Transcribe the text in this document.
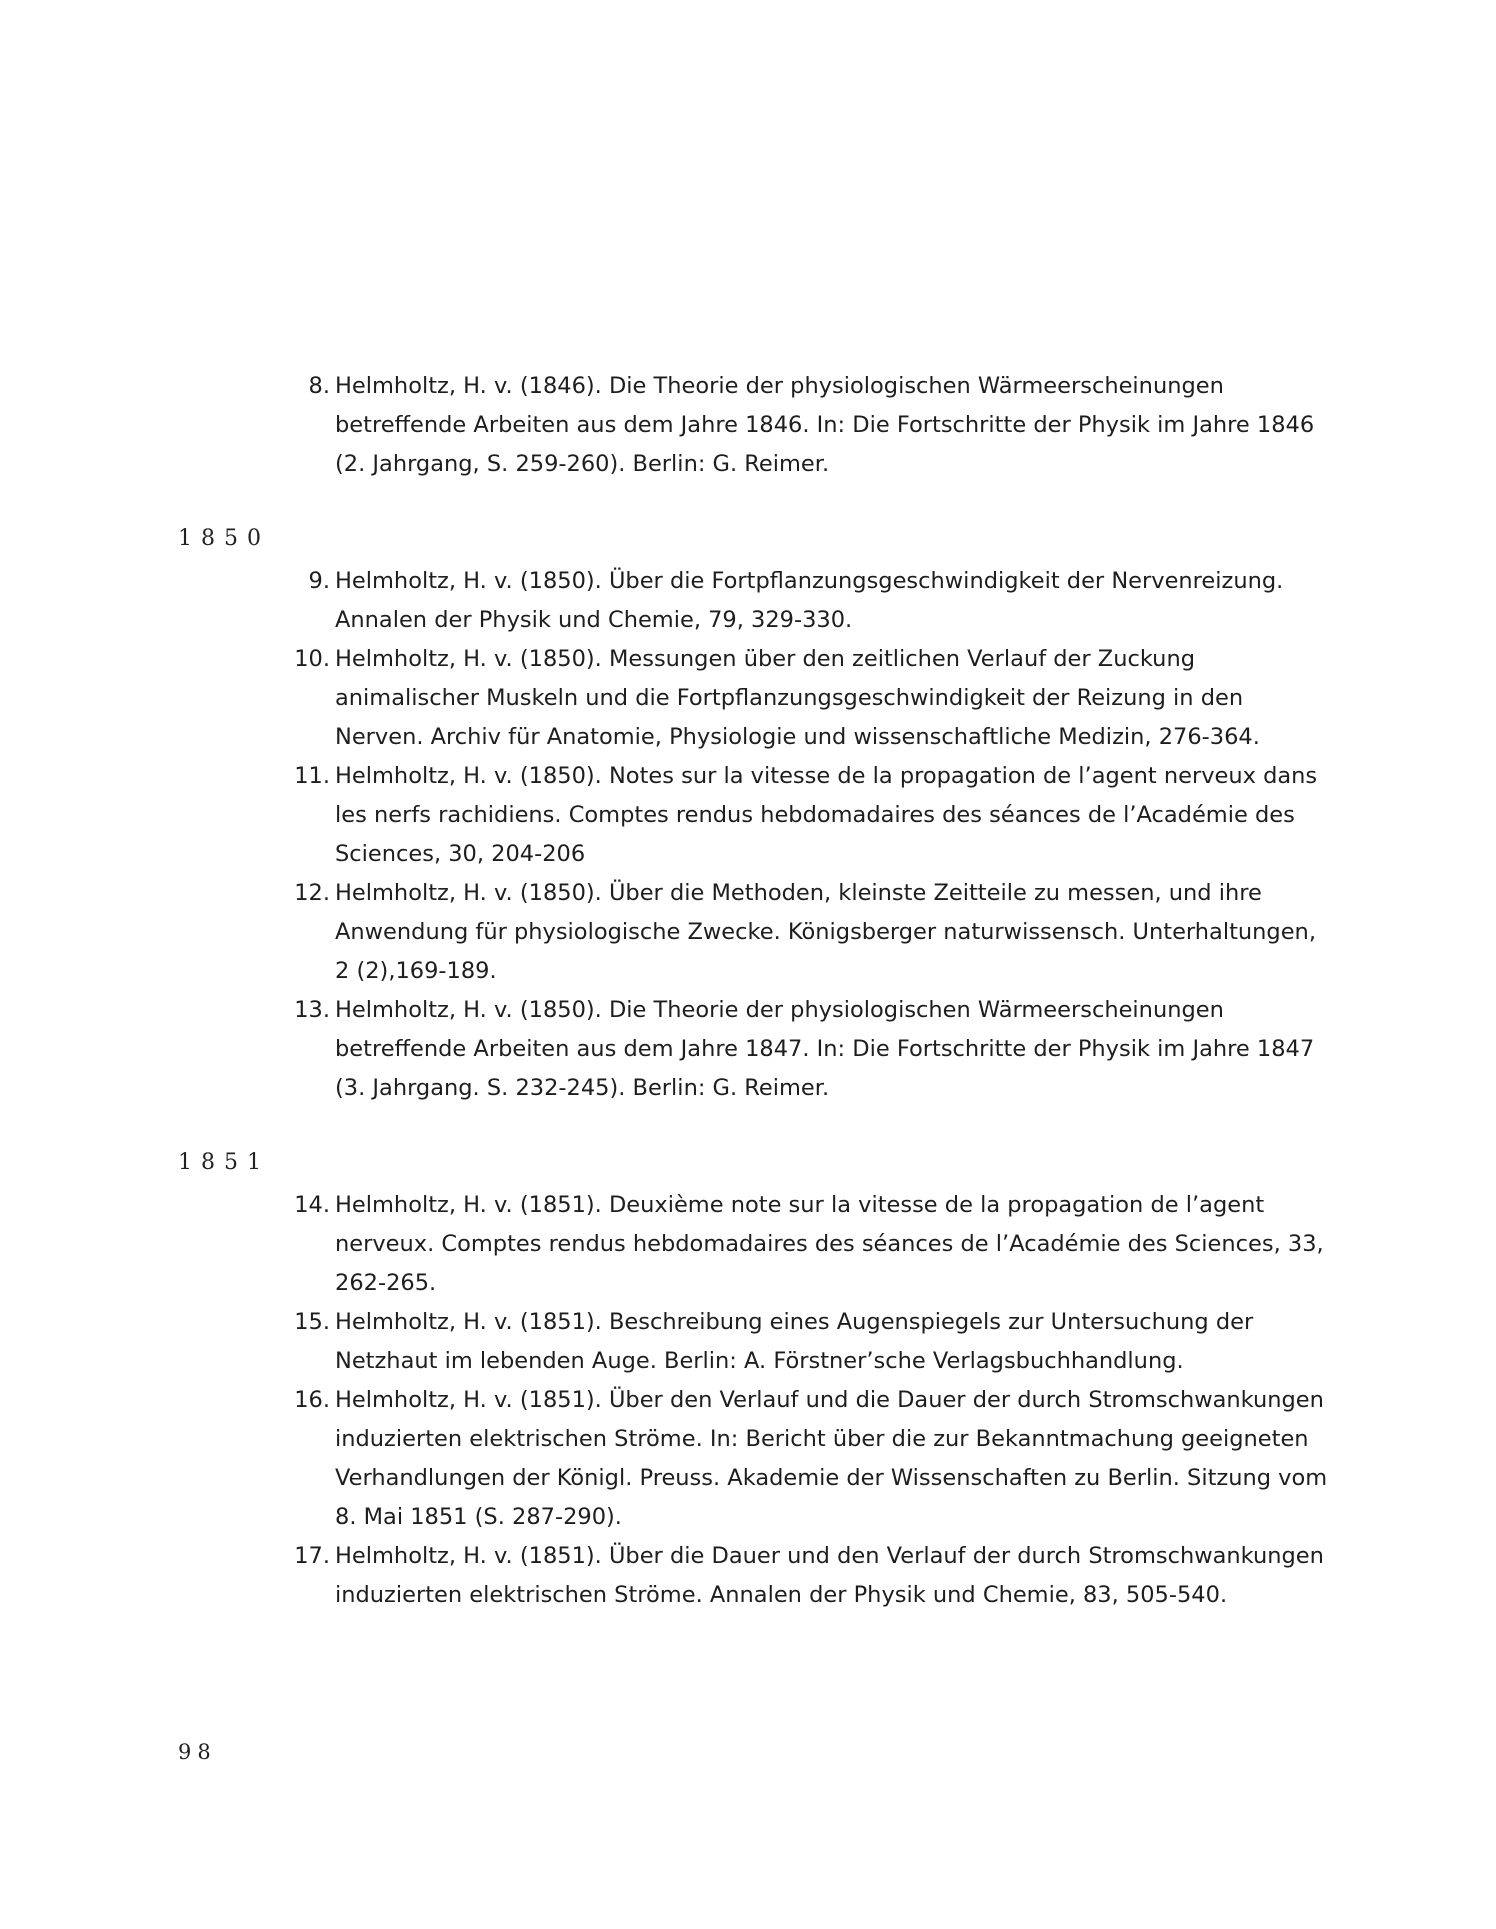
8. Helmholtz, H. v. (1846). Die Theorie der physiologischen Wärmeerscheinungen betreffende Arbeiten aus dem Jahre 1846. In: Die Fortschritte der Physik im Jahre 1846 (2. Jahrgang, S. 259-260). Berlin: G. Reimer.
1850
9. Helmholtz, H. v. (1850). Über die Fortpflanzungsgeschwindigkeit der Nervenreizung. Annalen der Physik und Chemie, 79, 329-330.
10. Helmholtz, H. v. (1850). Messungen über den zeitlichen Verlauf der Zuckung animalischer Muskeln und die Fortpflanzungsgeschwindigkeit der Reizung in den Nerven. Archiv für Anatomie, Physiologie und wissenschaftliche Medizin, 276-364.
11. Helmholtz, H. v. (1850). Notes sur la vitesse de la propagation de l’agent nerveux dans les nerfs rachidiens. Comptes rendus hebdomadaires des séances de l’Académie des Sciences, 30, 204-206
12. Helmholtz, H. v. (1850). Über die Methoden, kleinste Zeitteile zu messen, und ihre Anwendung für physiologische Zwecke. Königsberger naturwissensch. Unterhaltungen, 2 (2),169-189.
13. Helmholtz, H. v. (1850). Die Theorie der physiologischen Wärmeerscheinungen betreffende Arbeiten aus dem Jahre 1847. In: Die Fortschritte der Physik im Jahre 1847 (3. Jahrgang. S. 232-245). Berlin: G. Reimer.
1851
14. Helmholtz, H. v. (1851). Deuxième note sur la vitesse de la propagation de l’agent nerveux. Comptes rendus hebdomadaires des séances de l’Académie des Sciences, 33, 262-265.
15. Helmholtz, H. v. (1851). Beschreibung eines Augenspiegels zur Untersuchung der Netzhaut im lebenden Auge. Berlin: A. Förstner’sche Verlagsbuchhandlung.
16. Helmholtz, H. v. (1851). Über den Verlauf und die Dauer der durch Stromschwankungen induzierten elektrischen Ströme. In: Bericht über die zur Bekanntmachung geeigneten Verhandlungen der Königl. Preuss. Akademie der Wissenschaften zu Berlin. Sitzung vom 8. Mai 1851 (S. 287-290).
17. Helmholtz, H. v. (1851). Über die Dauer und den Verlauf der durch Stromschwankungen induzierten elektrischen Ströme. Annalen der Physik und Chemie, 83, 505-540.
98
